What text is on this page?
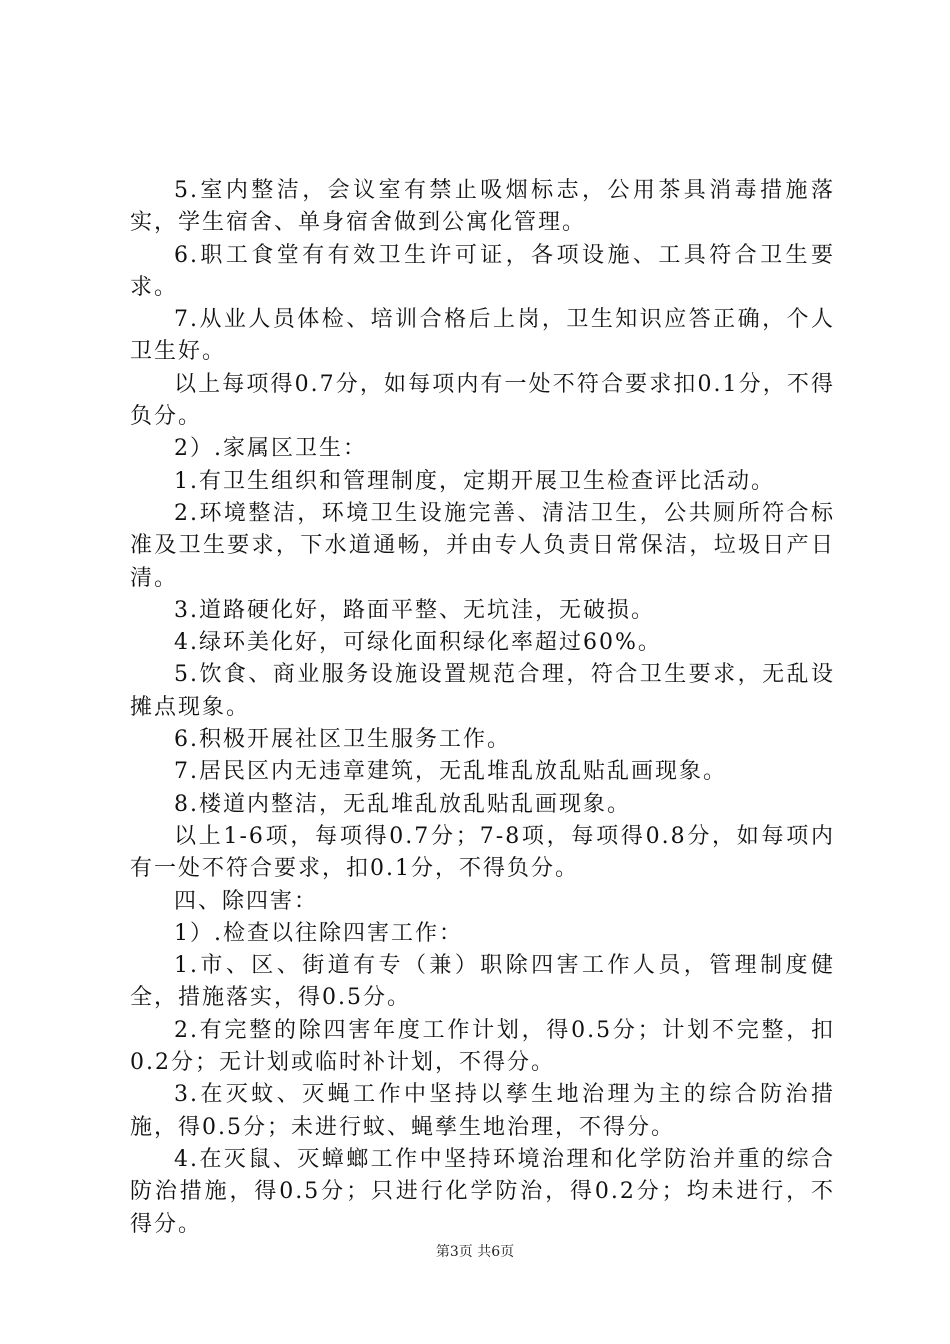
5.室内整洁，会议室有禁止吸烟标志，公用茶具消毒措施落实，学生宿舍、单身宿舍做到公寓化管理。

6.职工食堂有有效卫生许可证，各项设施、工具符合卫生要求。

7.从业人员体检、培训合格后上岗，卫生知识应答正确，个人卫生好。

以上每项得0.7分，如每项内有一处不符合要求扣0.1分，不得负分。

2）.家属区卫生：

1.有卫生组织和管理制度，定期开展卫生检查评比活动。

2.环境整洁，环境卫生设施完善、清洁卫生，公共厕所符合标准及卫生要求，下水道通畅，并由专人负责日常保洁，垃圾日产日清。

3.道路硬化好，路面平整、无坑洼，无破损。

4.绿环美化好，可绿化面积绿化率超过60%。

5.饮食、商业服务设施设置规范合理，符合卫生要求，无乱设摊点现象。

6.积极开展社区卫生服务工作。

7.居民区内无违章建筑，无乱堆乱放乱贴乱画现象。

8.楼道内整洁，无乱堆乱放乱贴乱画现象。

以上1-6项，每项得0.7分；7-8项，每项得0.8分，如每项内有一处不符合要求，扣0.1分，不得负分。

四、除四害：

1）.检查以往除四害工作：

1.市、区、街道有专（兼）职除四害工作人员，管理制度健全，措施落实，得0.5分。

2.有完整的除四害年度工作计划，得0.5分；计划不完整，扣0.2分；无计划或临时补计划，不得分。

3.在灭蚊、灭蝇工作中坚持以孳生地治理为主的综合防治措施，得0.5分；未进行蚊、蝇孳生地治理，不得分。

4.在灭鼠、灭蟑螂工作中坚持环境治理和化学防治并重的综合防治措施，得0.5分；只进行化学防治，得0.2分；均未进行，不得分。

第3页 共6页
